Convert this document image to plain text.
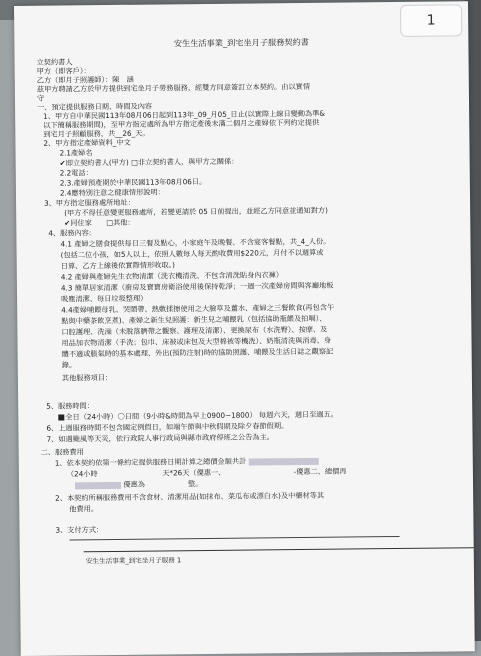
1
安生生活事業_到宅坐月子服務契約書
立契約書人
甲方（即客戶）：
乙方（即月子照護師）：陳　涵
茲甲方聘請乙方於甲方提供到宅坐月子勞務服務，經雙方同意簽訂立本契約。由以實情
守
一、預定提供服務日期、時間及內容
1、甲方自中華民國113年08月06日起到113年_09_月05_日止(以實際上線日變動為準&
以下簡稱服務期間)，至甲方指定處所為甲方指定產後未滿二個月之產婦依下列約定提供
到宅月子照顧服務，共__26_天。
2、甲方指定產婦資料_中文
2.1產婦名
✔即立契約書人(甲方) □非立契約書人，與甲方之關係：
2.2電話：
2.3.產婦預產期於中華民國113年08月06日。
2.4應特別注意之健康情形說明：
3、甲方指定服務處所地址：
(甲方不得任意變更服務處所，若變更請於 05 日前提出，並經乙方同意並通知對方)
✔同住家　　□其他：
4、服務內容:
4.1 產婦之膳食提供每日三餐及點心，小家庭午及晚餐、不含宴客餐點，共_4_人份。
(包括二位小孩，如5人以上，依照人數每人每天酌收費用$220元，月付不以週算或
日算、乙方上線後依實際情形收取。)
4.2 產婦與產婦先生衣物清潔（洗衣機清洗、不包含清洗貼身內衣褲）
4.3 簡單居家清潔（廚房及寶寶房衛浴使用後保持乾淨；一週一次產婦房間與客廳地板
吸塵清潔、每日垃圾整理）
4.4產婦哺餵母乳、哭鬧帶、熱敷揉擦使用之大臉草及薑水、產婦之三餐飲食(再包含午
點與中藥茶飲烹煮)、產婦之新生兒照護：新生兒之哺餵乳（包括協助瓶餵及拍嗝）、
口腔護理、洗澡（未脫落臍帶之觀察、護理及清潔）、更換尿布（水洗臀）、按摩、及
用品加衣物清潔（手洗；包巾、床被或床包及大型棉被等機洗）、奶瓶清洗與消毒、身
體不適或脹氣時的基本處理、外出(預防注射)時的協助照護、哺餵及生活日誌之觀察記
錄。
其他服務項目：
5、服務時間：
全日（24小時）〇日間（9小時&時間為早上0900~1800） 每週六天，週日至週五。
6、上週服務時間不包含國定例假日，如端午節與中秋假期及除夕春節假期。
7、如遇颱風等天災，依行政院人事行政局與縣市政府停班之公告為主。
二、服務費用
1、依本契約依第一條約定提供服務日期計算之總價金額共計
（24小時　　　　　　　　　天*26天（優惠一、　　　　　　　　　　-優惠二、總價再
優惠為　　　　　　整。
2、本契約所稱服務費用不含食材、清潔用品(如抹布、菜瓜布或漂白水)及中藥材等其
他費用。
3、支付方式：
安生生活事業_到宅坐月子服務 1
